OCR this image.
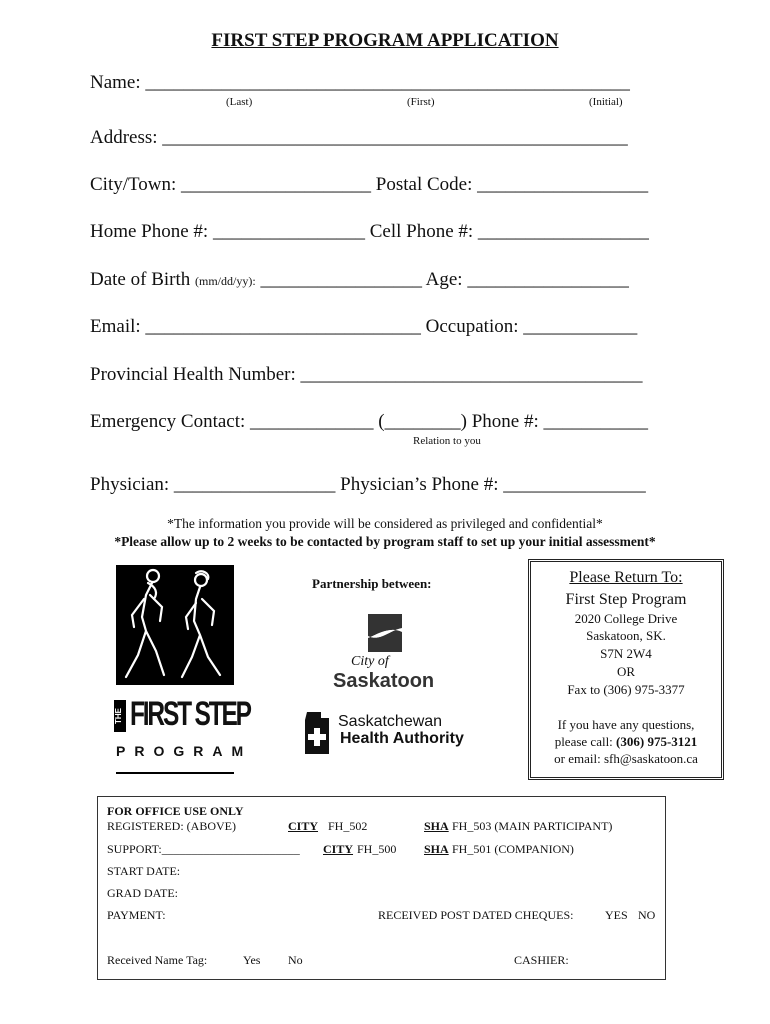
FIRST STEP PROGRAM APPLICATION
Name: ___________________________________________________
(Last)	(First)	(Initial)
Address: _________________________________________________
City/Town: ____________________ Postal Code: __________________
Home Phone #: ________________ Cell Phone #: __________________
Date of Birth (mm/dd/yy): _________________ Age: _________________
Email: _____________________________ Occupation: ____________
Provincial Health Number: ____________________________________
Emergency Contact: _____________ (________) Phone #: ___________
Relation to you
Physician: _________________ Physician’s Phone #: _______________
*The information you provide will be considered as privileged and confidential*
*Please allow up to 2 weeks to be contacted by program staff to set up your initial assessment*
THE FIRST STEP
PROGRAM
Partnership between:
City of
Saskatoon
Saskatchewan
Health Authority
Please Return To:
First Step Program
2020 College Drive
Saskatoon, SK.
S7N 2W4
OR
Fax to (306) 975-3377
If you have any questions,
please call: (306) 975-3121
or email: sfh@saskatoon.ca
FOR OFFICE USE ONLY
REGISTERED: (ABOVE)	CITY FH_502	SHA FH_503 (MAIN PARTICIPANT)
SUPPORT:_______________________ CITY FH_500 SHA FH_501 (COMPANION)
START DATE:
GRAD DATE:
PAYMENT:	RECEIVED POST DATED CHEQUES:	YES NO
Received Name Tag:	Yes No	CASHIER:
